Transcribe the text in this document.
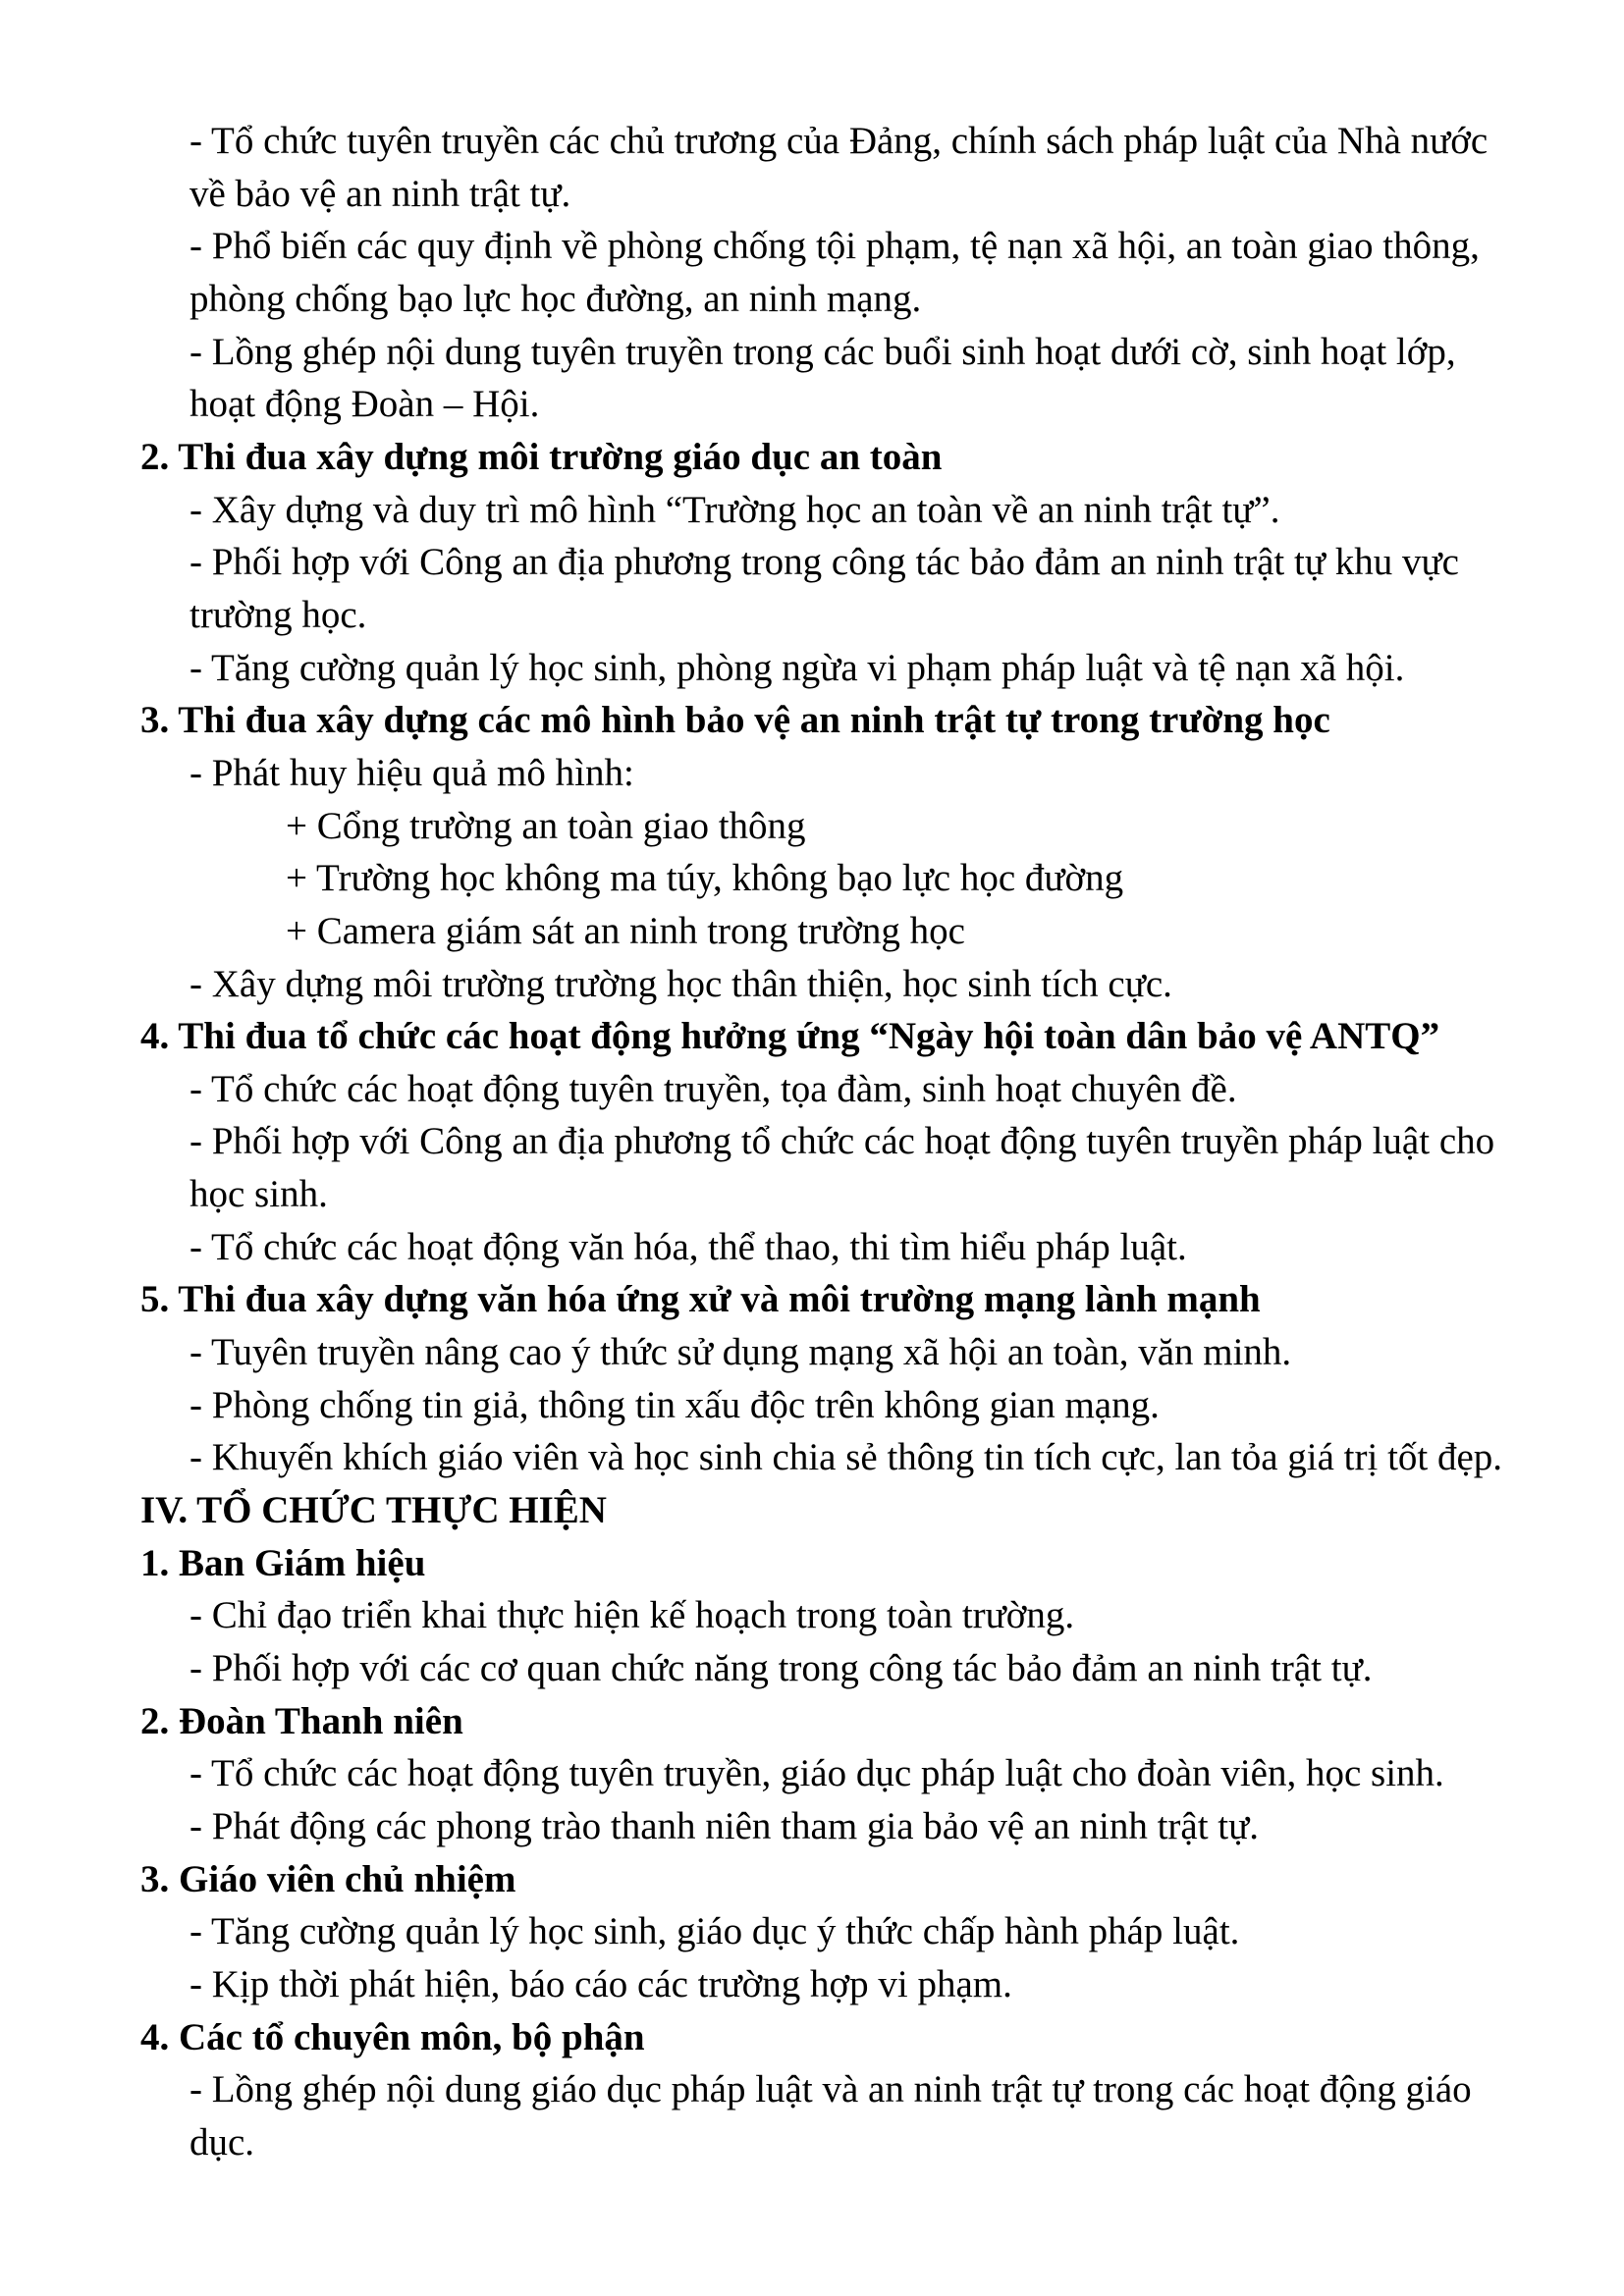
- Tổ chức tuyên truyền các chủ trương của Đảng, chính sách pháp luật của Nhà nước
về bảo vệ an ninh trật tự.
- Phổ biến các quy định về phòng chống tội phạm, tệ nạn xã hội, an toàn giao thông,
phòng chống bạo lực học đường, an ninh mạng.
- Lồng ghép nội dung tuyên truyền trong các buổi sinh hoạt dưới cờ, sinh hoạt lớp,
hoạt động Đoàn – Hội.
2. Thi đua xây dựng môi trường giáo dục an toàn
- Xây dựng và duy trì mô hình “Trường học an toàn về an ninh trật tự”.
- Phối hợp với Công an địa phương trong công tác bảo đảm an ninh trật tự khu vực
trường học.
- Tăng cường quản lý học sinh, phòng ngừa vi phạm pháp luật và tệ nạn xã hội.
3. Thi đua xây dựng các mô hình bảo vệ an ninh trật tự trong trường học
- Phát huy hiệu quả mô hình:
+ Cổng trường an toàn giao thông
+ Trường học không ma túy, không bạo lực học đường
+ Camera giám sát an ninh trong trường học
- Xây dựng môi trường trường học thân thiện, học sinh tích cực.
4. Thi đua tổ chức các hoạt động hưởng ứng “Ngày hội toàn dân bảo vệ ANTQ”
- Tổ chức các hoạt động tuyên truyền, tọa đàm, sinh hoạt chuyên đề.
- Phối hợp với Công an địa phương tổ chức các hoạt động tuyên truyền pháp luật cho
học sinh.
- Tổ chức các hoạt động văn hóa, thể thao, thi tìm hiểu pháp luật.
5. Thi đua xây dựng văn hóa ứng xử và môi trường mạng lành mạnh
- Tuyên truyền nâng cao ý thức sử dụng mạng xã hội an toàn, văn minh.
- Phòng chống tin giả, thông tin xấu độc trên không gian mạng.
- Khuyến khích giáo viên và học sinh chia sẻ thông tin tích cực, lan tỏa giá trị tốt đẹp.
IV. TỔ CHỨC THỰC HIỆN
1. Ban Giám hiệu
- Chỉ đạo triển khai thực hiện kế hoạch trong toàn trường.
- Phối hợp với các cơ quan chức năng trong công tác bảo đảm an ninh trật tự.
2. Đoàn Thanh niên
- Tổ chức các hoạt động tuyên truyền, giáo dục pháp luật cho đoàn viên, học sinh.
- Phát động các phong trào thanh niên tham gia bảo vệ an ninh trật tự.
3. Giáo viên chủ nhiệm
- Tăng cường quản lý học sinh, giáo dục ý thức chấp hành pháp luật.
- Kịp thời phát hiện, báo cáo các trường hợp vi phạm.
4. Các tổ chuyên môn, bộ phận
- Lồng ghép nội dung giáo dục pháp luật và an ninh trật tự trong các hoạt động giáo
dục.
